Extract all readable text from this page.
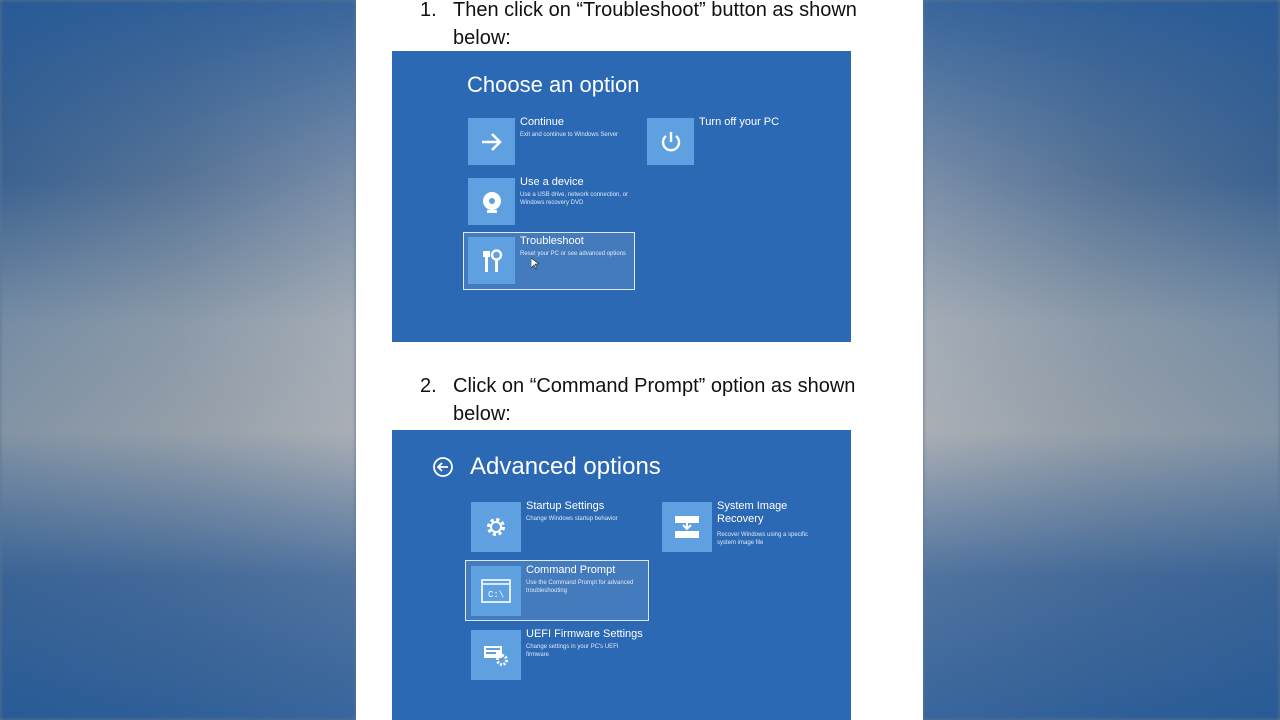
1. Then click on “Troubleshoot” button as shown below:
Choose an option
Continue
Exit and continue to Windows Server
Turn off your PC
Use a device
Use a USB drive, network connection, or Windows recovery DVD
Troubleshoot
Reset your PC or see advanced options
2. Click on “Command Prompt” option as shown below:
Advanced options
Startup Settings
Change Windows startup behavior
System Image Recovery
Recover Windows using a specific system image file
C:\
Command Prompt
Use the Command Prompt for advanced troubleshooting
UEFI Firmware Settings
Change settings in your PC's UEFI firmware
